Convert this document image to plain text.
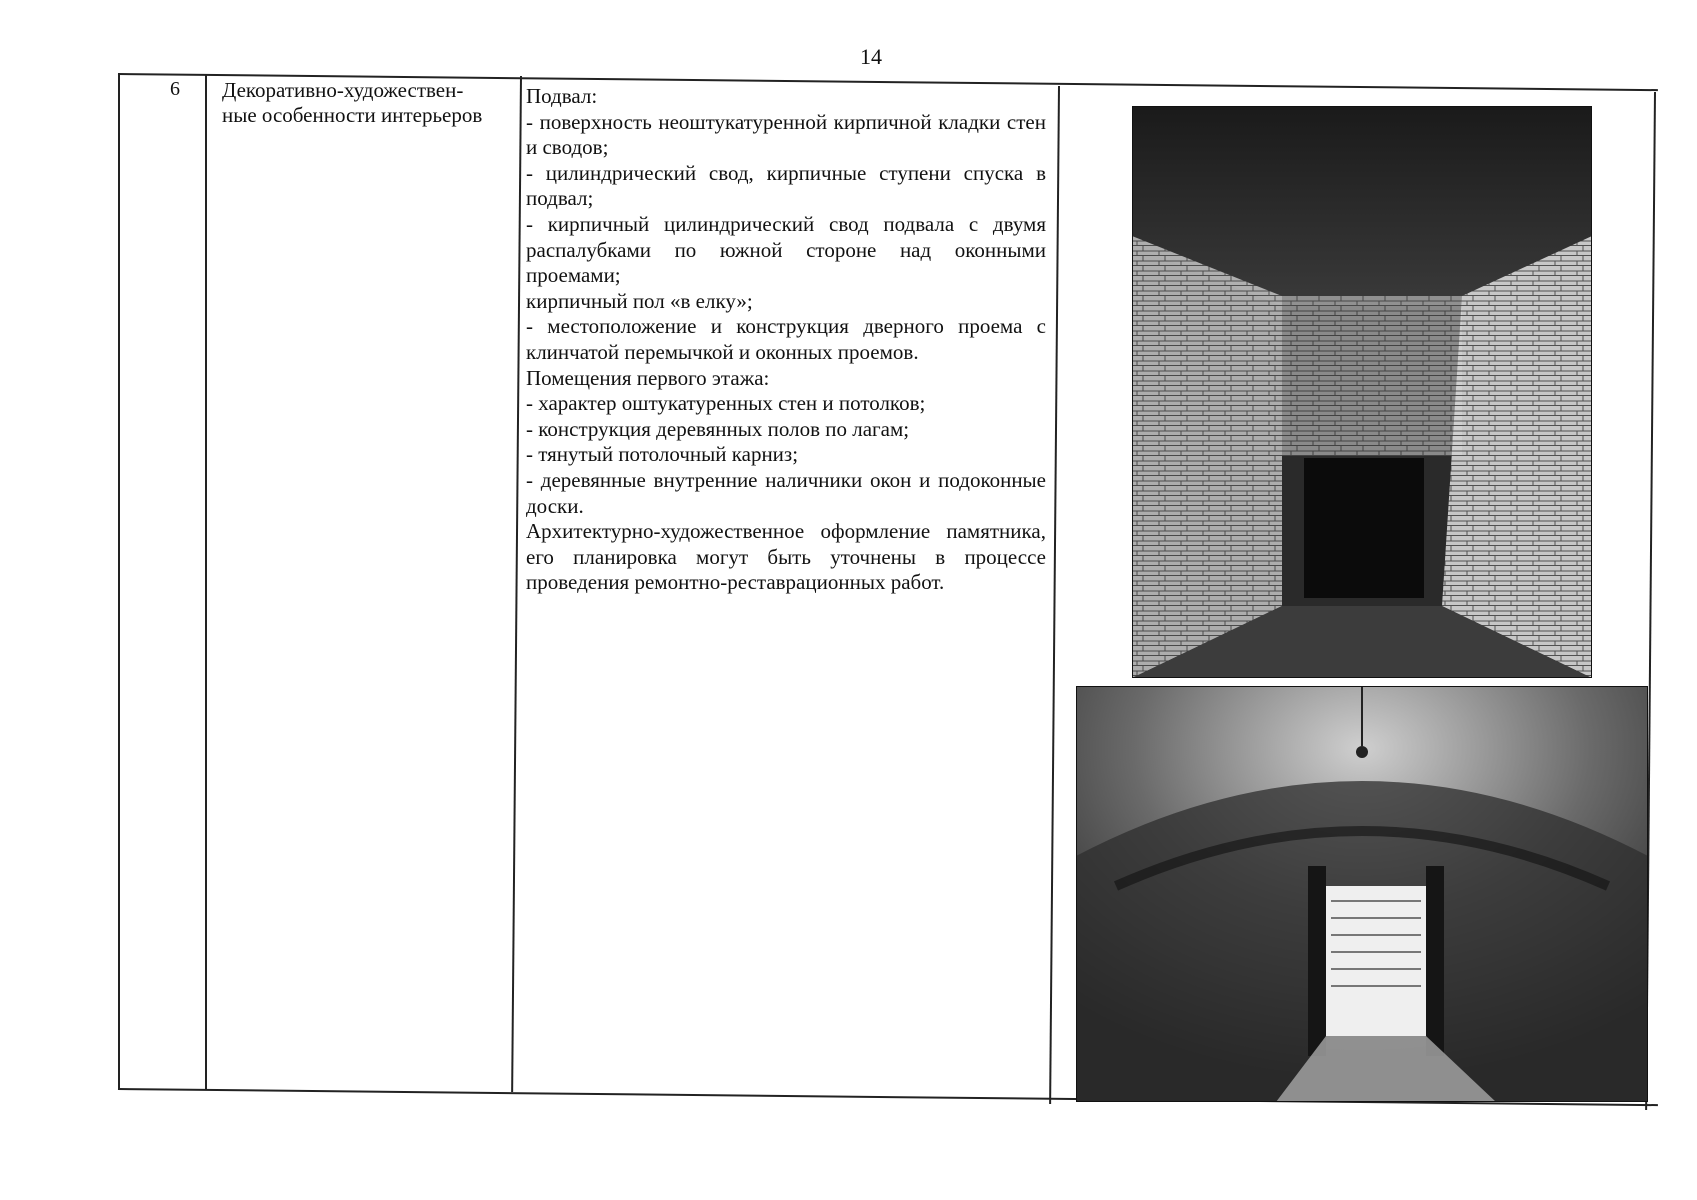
14
6 Декоративно-художествен-
ные особенности интерьеров

Подвал:

- поверхность неоштукатуренной кирпичной кладки стен и сводов;

- цилиндрический свод, кирпичные ступени спуска в подвал;

- кирпичный цилиндрический свод подвала с двумя распалубками по южной стороне над оконными проемами;

кирпичный пол «в елку»;

- местоположение и конструкция дверного проема с клинчатой перемычкой и оконных проемов.

Помещения первого этажа:

- характер оштукатуренных стен и потолков;

- конструкция деревянных полов по лагам;

- тянутый потолочный карниз;

- деревянные внутренние наличники окон и подоконные доски.

Архитектурно-художественное оформление памятника, его планировка могут быть уточнены в процессе проведения ремонтно-реставрационных работ.
